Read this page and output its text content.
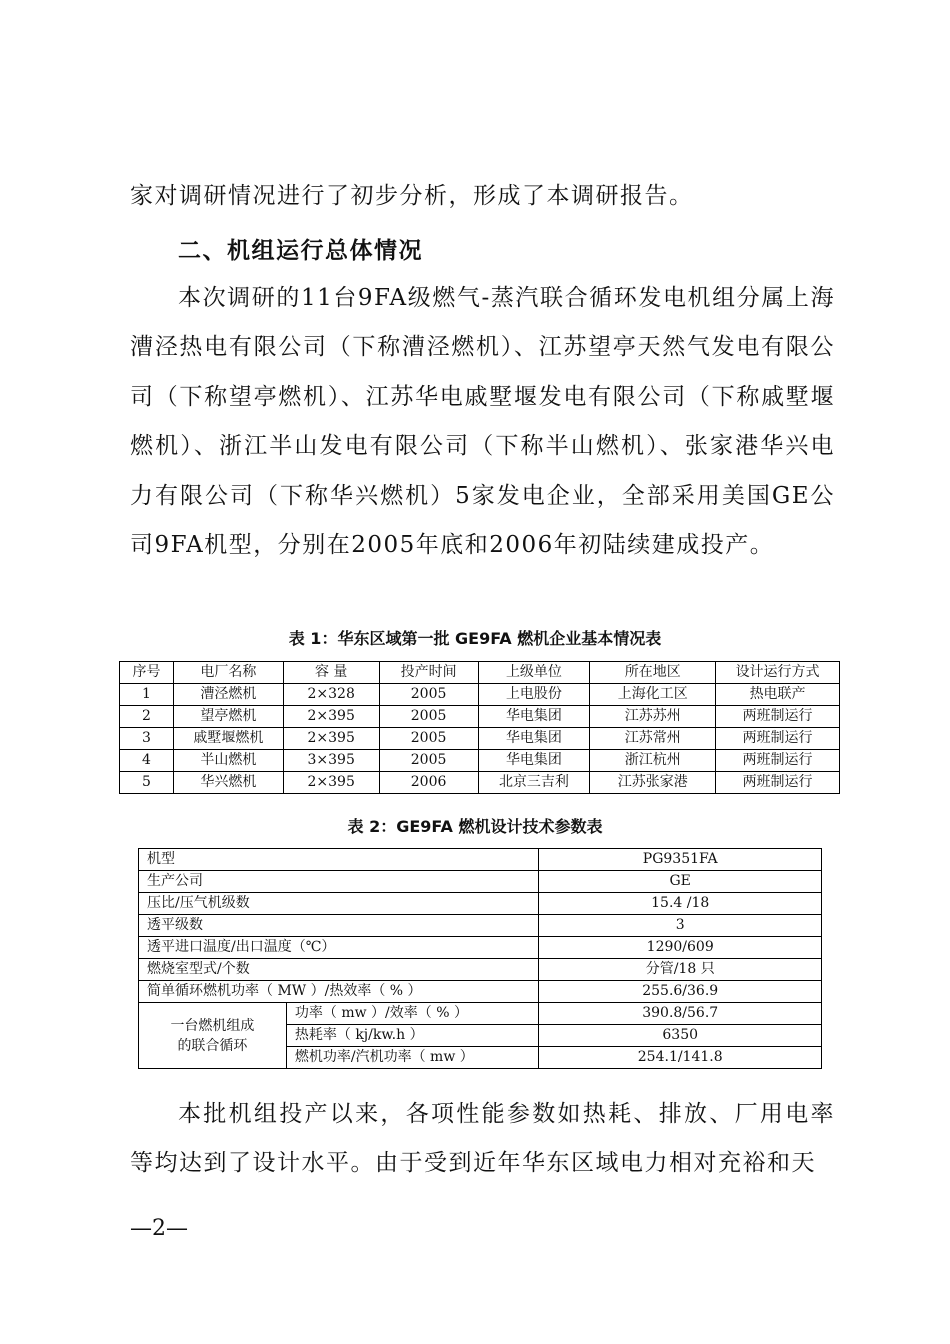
家对调研情况进行了初步分析，形成了本调研报告。

二、机组运行总体情况

本次调研的11台9FA级燃气-蒸汽联合循环发电机组分属上海漕泾热电有限公司（下称漕泾燃机）、江苏望亭天然气发电有限公司（下称望亭燃机）、江苏华电戚墅堰发电有限公司（下称戚墅堰燃机）、浙江半山发电有限公司（下称半山燃机）、张家港华兴电力有限公司（下称华兴燃机）5家发电企业，全部采用美国GE公司9FA机型，分别在2005年底和2006年初陆续建成投产。

表 1：华东区域第一批 GE9FA 燃机企业基本情况表

序号	电厂名称	容 量	投产时间	上级单位	所在地区	设计运行方式
1	漕泾燃机	2×328	2005	上电股份	上海化工区	热电联产
2	望亭燃机	2×395	2005	华电集团	江苏苏州	两班制运行
3	戚墅堰燃机	2×395	2005	华电集团	江苏常州	两班制运行
4	半山燃机	3×395	2005	华电集团	浙江杭州	两班制运行
5	华兴燃机	2×395	2006	北京三吉利	江苏张家港	两班制运行

表 2：GE9FA 燃机设计技术参数表

机型		PG9351FA
生产公司		GE
压比/压气机级数		15.4 /18
透平级数		3
透平进口温度/出口温度（℃）		1290/609
燃烧室型式/个数		分管/18 只
简单循环燃机功率（ MW ）/热效率（ % ）		255.6/36.9
一台燃机组成的联合循环	功率（ mw ）/效率（ % ）	390.8/56.7
	热耗率（ kj/kw.h ）	6350
	燃机功率/汽机功率（ mw ）	254.1/141.8

本批机组投产以来，各项性能参数如热耗、排放、厂用电率等均达到了设计水平。由于受到近年华东区域电力相对充裕和天

—2—
